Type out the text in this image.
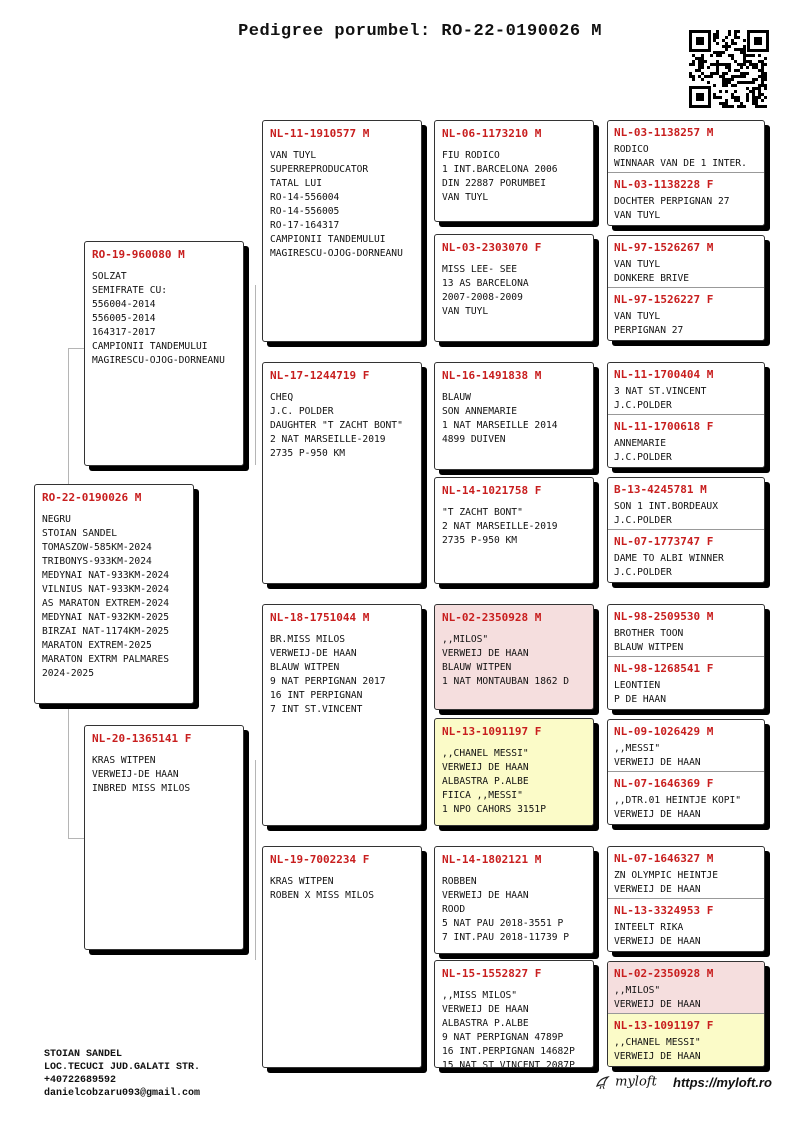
Pedigree porumbel: RO-22-0190026 M
RO-22-0190026 M
NEGRU
STOIAN SANDEL
TOMASZOW-585KM-2024
TRIBONYS-933KM-2024
MEDYNAI NAT-933KM-2024
VILNIUS NAT-933KM-2024
AS MARATON EXTREM-2024
MEDYNAI NAT-932KM-2025
BIRZAI NAT-1174KM-2025
MARATON EXTREM-2025
MARATON EXTRM PALMARES
2024-2025
RO-19-960080 M
SOLZAT
SEMIFRATE CU:
556004-2014
556005-2014
164317-2017
CAMPIONII TANDEMULUI
MAGIRESCU-OJOG-DORNEANU
NL-20-1365141 F
KRAS WITPEN
VERWEIJ-DE HAAN
INBRED MISS MILOS
NL-11-1910577 M
VAN TUYL
SUPERREPRODUCATOR
TATAL LUI
RO-14-556004
RO-14-556005
RO-17-164317
CAMPIONII TANDEMULUI
MAGIRESCU-OJOG-DORNEANU
NL-17-1244719 F
CHEQ
J.C. POLDER
DAUGHTER "T ZACHT BONT"
2 NAT MARSEILLE-2019
2735 P-950 KM
NL-18-1751044 M
BR.MISS MILOS
VERWEIJ-DE HAAN
BLAUW WITPEN
9 NAT PERPIGNAN 2017
16 INT PERPIGNAN
7 INT ST.VINCENT
NL-19-7002234 F
KRAS WITPEN
ROBEN X MISS MILOS
NL-06-1173210 M
FIU RODICO
1 INT.BARCELONA 2006
DIN 22887 PORUMBEI
VAN TUYL
NL-03-2303070 F
MISS LEE- SEE
13 AS BARCELONA
2007-2008-2009
VAN TUYL
NL-16-1491838 M
BLAUW
SON ANNEMARIE
1 NAT MARSEILLE 2014
4899 DUIVEN
NL-14-1021758 F
"T ZACHT BONT"
2 NAT MARSEILLE-2019
2735 P-950 KM
NL-02-2350928 M
,,MILOS"
VERWEIJ DE HAAN
BLAUW WITPEN
1 NAT MONTAUBAN 1862 D
NL-13-1091197 F
,,CHANEL MESSI"
VERWEIJ DE HAAN
ALBASTRA P.ALBE
FIICA ,,MESSI"
1 NPO CAHORS 3151P
NL-14-1802121 M
ROBBEN
VERWEIJ DE HAAN
ROOD
5 NAT PAU 2018-3551 P
7 INT.PAU 2018-11739 P
NL-15-1552827 F
,,MISS MILOS"
VERWEIJ DE HAAN
ALBASTRA P.ALBE
9 NAT PERPIGNAN 4789P
16 INT.PERPIGNAN 14682P
15 NAT ST VINCENT 2087P
NL-03-1138257 M
RODICO
WINNAAR VAN DE 1 INTER.
NL-03-1138228 F
DOCHTER PERPIGNAN 27
VAN TUYL
NL-97-1526267 M
VAN TUYL
DONKERE BRIVE
NL-97-1526227 F
VAN TUYL
PERPIGNAN 27
NL-11-1700404 M
3 NAT ST.VINCENT
J.C.POLDER
NL-11-1700618 F
ANNEMARIE
J.C.POLDER
B-13-4245781 M
SON 1 INT.BORDEAUX
J.C.POLDER
NL-07-1773747 F
DAME TO ALBI WINNER
J.C.POLDER
NL-98-2509530 M
BROTHER TOON
BLAUW WITPEN
NL-98-1268541 F
LEONTIEN
P DE HAAN
NL-09-1026429 M
,,MESSI"
VERWEIJ DE HAAN
NL-07-1646369 F
,,DTR.01 HEINTJE KOPI"
VERWEIJ DE HAAN
NL-07-1646327 M
ZN OLYMPIC HEINTJE
VERWEIJ DE HAAN
NL-13-3324953 F
INTEELT RIKA
VERWEIJ DE HAAN
NL-02-2350928 M
,,MILOS"
VERWEIJ DE HAAN
NL-13-1091197 F
,,CHANEL MESSI"
VERWEIJ DE HAAN
STOIAN SANDEL
LOC.TECUCI JUD.GALATI STR.
+40722689592
danielcobzaru093@gmail.com
myloft https://myloft.ro
